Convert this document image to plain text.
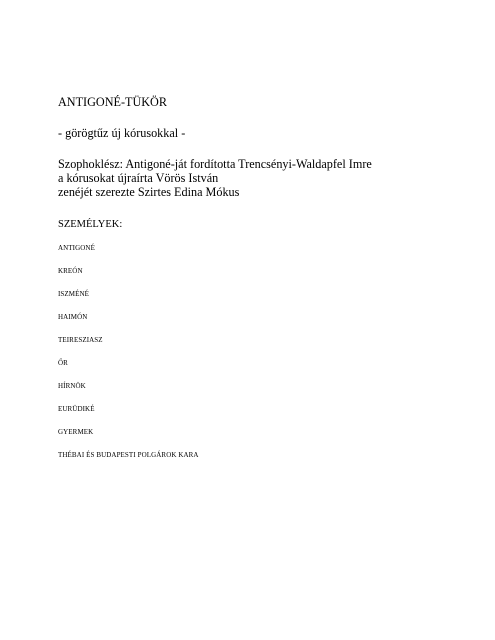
ANTIGONÉ-TÜKÖR
- görögtűz új kórusokkal -
Szophoklész: Antigoné-ját fordította Trencsényi-Waldapfel Imre
a kórusokat újraírta Vörös István
zenéjét szerezte Szirtes Edina Mókus
SZEMÉLYEK:
ANTIGONÉ
KREÓN
ISZMÉNÉ
HAIMÓN
TEIRESZIASZ
ŐR
HÍRNÖK
EURÜDIKÉ
GYERMEK
THÉBAI ÉS BUDAPESTI POLGÁROK KARA
